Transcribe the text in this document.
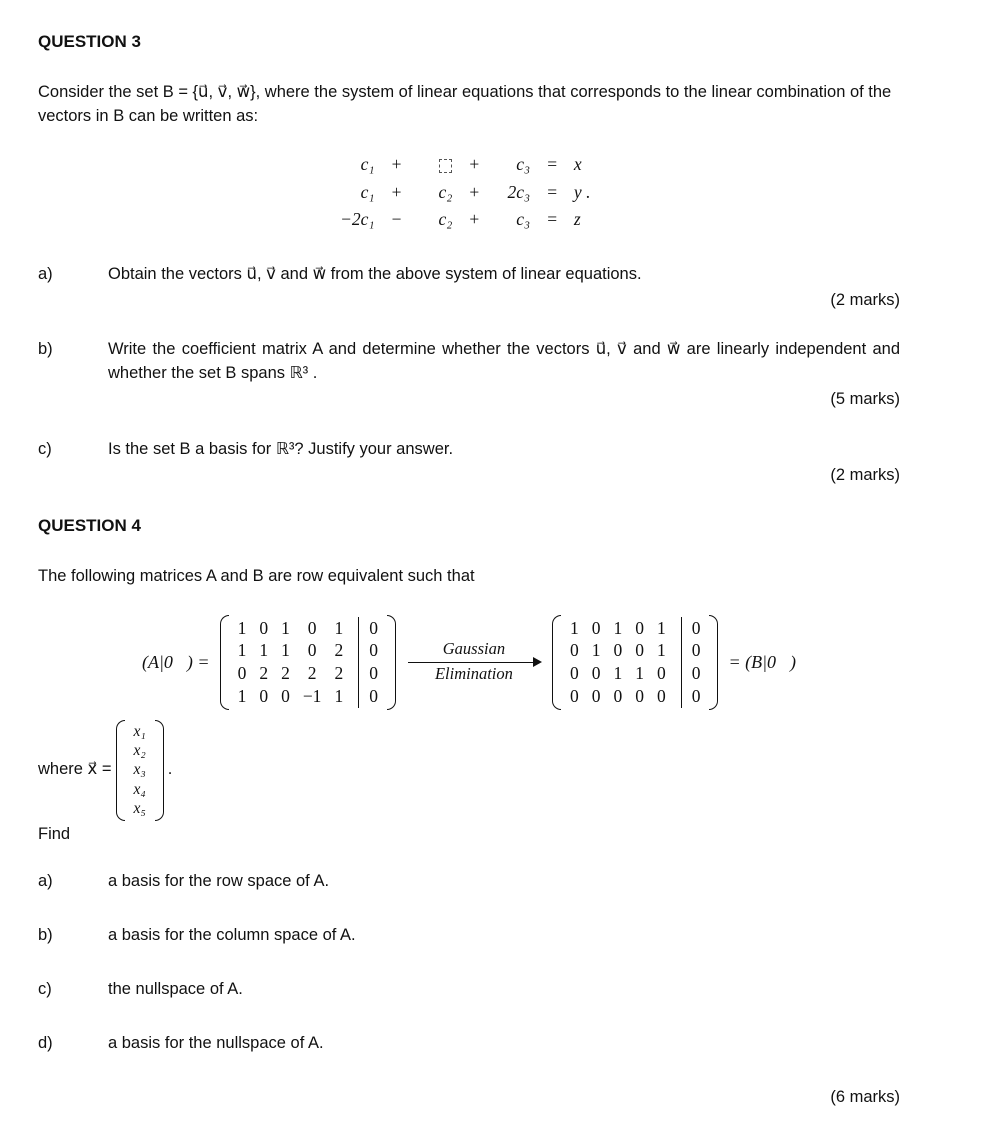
QUESTION 3

Consider the set B = {u⃗, v⃗, w⃗}, where the system of linear equations that corresponds to the linear combination of the vectors in B can be written as:

c₁ +	+	c₃ = x
c₁ +	c₂ +	2c₃ = y .
−2c₁ −	c₂ +	c₃ = z
a)	Obtain the vectors u⃗, v⃗ and w⃗ from the above system of linear equations.
(2 marks)
b)	Write the coefficient matrix A and determine whether the vectors u⃗, v⃗ and w⃗ are linearly independent and whether the set B spans ℝ³ .
(5 marks)
c)	Is the set B a basis for ℝ³? Justify your answer.
(2 marks)
QUESTION 4

The following matrices A and B are row equivalent such that

(A|0⃗) =
1 0 1	0	1	0
1 1 1	0	2	0
0 2 2	2	2	0
1 0 0 −1 1	0
Gaussian
Elimination
1 0 1 0 1	0
0 1 0 0 1	0
0 0 1 1 0	0
0 0 0 0 0	0
= (B|0⃗)
where x⃗ =
x₁
x₂
x₃
x₄
x₅
.
Find
a)	a basis for the row space of A.
b)	a basis for the column space of A.
c)	the nullspace of A.
d)	a basis for the nullspace of A.
(6 marks)
